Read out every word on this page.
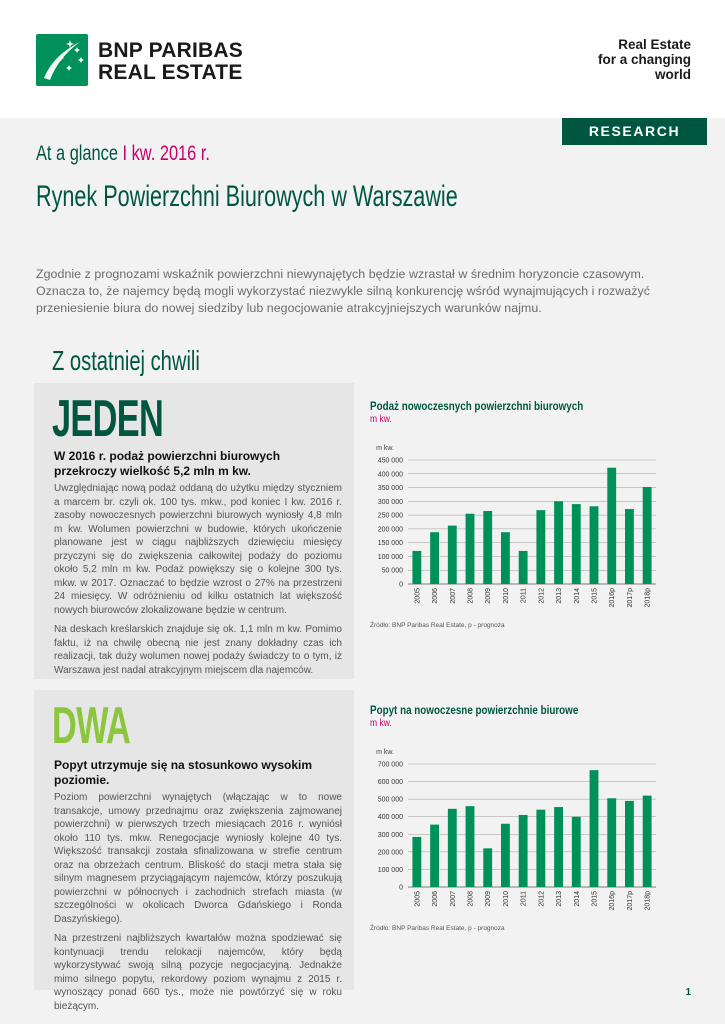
BNP PARIBAS
REAL ESTATE
Real Estate
for a changing
world
RESEARCH
At a glance I kw. 2016 r.
Rynek Powierzchni Biurowych w Warszawie
Zgodnie z prognozami wskaźnik powierzchni niewynajętych będzie wzrastał w średnim horyzoncie czasowym. Oznacza to, że najemcy będą mogli wykorzystać niezwykle silną konkurencję wśród wynajmujących i rozważyć przeniesienie biura do nowej siedziby lub negocjowanie atrakcyjniejszych warunków najmu.
Z ostatniej chwili
JEDEN
W 2016 r. podaż powierzchni biurowych przekroczy wielkość 5,2 mln m kw.

Uwzględniając nową podaż oddaną do użytku między styczniem a marcem br. czyli ok. 100 tys. mkw., pod koniec I kw. 2016 r. zasoby nowoczesnych powierzchni biurowych wyniosły 4,8 mln m kw. Wolumen powierzchni w budowie, których ukończenie planowane jest w ciągu najbliższych dziewięciu miesięcy przyczyni się do zwiększenia całkowitej podaży do poziomu około 5,2 mln m kw. Podaż powiększy się o kolejne 300 tys. mkw. w 2017. Oznaczać to będzie wzrost o 27% na przestrzeni 24 miesięcy. W odróżnieniu od kilku ostatnich lat większość nowych biurowców zlokalizowane będzie w centrum.

Na deskach kreślarskich znajduje się ok. 1,1 mln m kw. Pomimo faktu, iż na chwilę obecną nie jest znany dokładny czas ich realizacji, tak duży wolumen nowej podaży świadczy to o tym, iż Warszawa jest nadal atrakcyjnym miejscem dla najemców.

DWA
Popyt utrzymuje się na stosunkowo wysokim poziomie.

Poziom powierzchni wynajętych (włączając w to nowe transakcje, umowy przednajmu oraz zwiększenia zajmowanej powierzchni) w pierwszych trzech miesiącach 2016 r. wyniósł około 110 tys. mkw. Renegocjacje wyniosły kolejne 40 tys. Większość transakcji została sfinalizowana w strefie centrum oraz na obrzeżach centrum. Bliskość do stacji metra stała się silnym magnesem przyciągającym najemców, którzy poszukują powierzchni w północnych i zachodnich strefach miasta (w szczególności w okolicach Dworca Gdańskiego i Ronda Daszyńskiego).

Na przestrzeni najbliższych kwartałów można spodziewać się kontynuacji trendu relokacji najemców, który będą wykorzystywać swoją silną pozycje negocjacyjną. Jednakże mimo silnego popytu, rekordowy poziom wynajmu z 2015 r. wynoszący ponad 660 tys., może nie powtórzyć się w roku bieżącym.

Podaż nowoczesnych powierzchni biurowych
m kw.
m kw.
0
50 000
100 000
150 000
200 000
250 000
300 000
350 000
400 000
450 000
2005 2006 2007 2008 2009 2010 2011 2012 2013 2014 2015 2016p 2017p 2018p
Źródło: BNP Paribas Real Estate, p - prognoza
Popyt na nowoczesne powierzchnie biurowe
m kw.
m kw.
0
100 000
200 000
300 000
400 000
500 000
600 000
700 000
2005 2006 2007 2008 2009 2010 2011 2012 2013 2014 2015 2016p 2017p 2018p
Źródło: BNP Paribas Real Estate, p - prognoza
1
